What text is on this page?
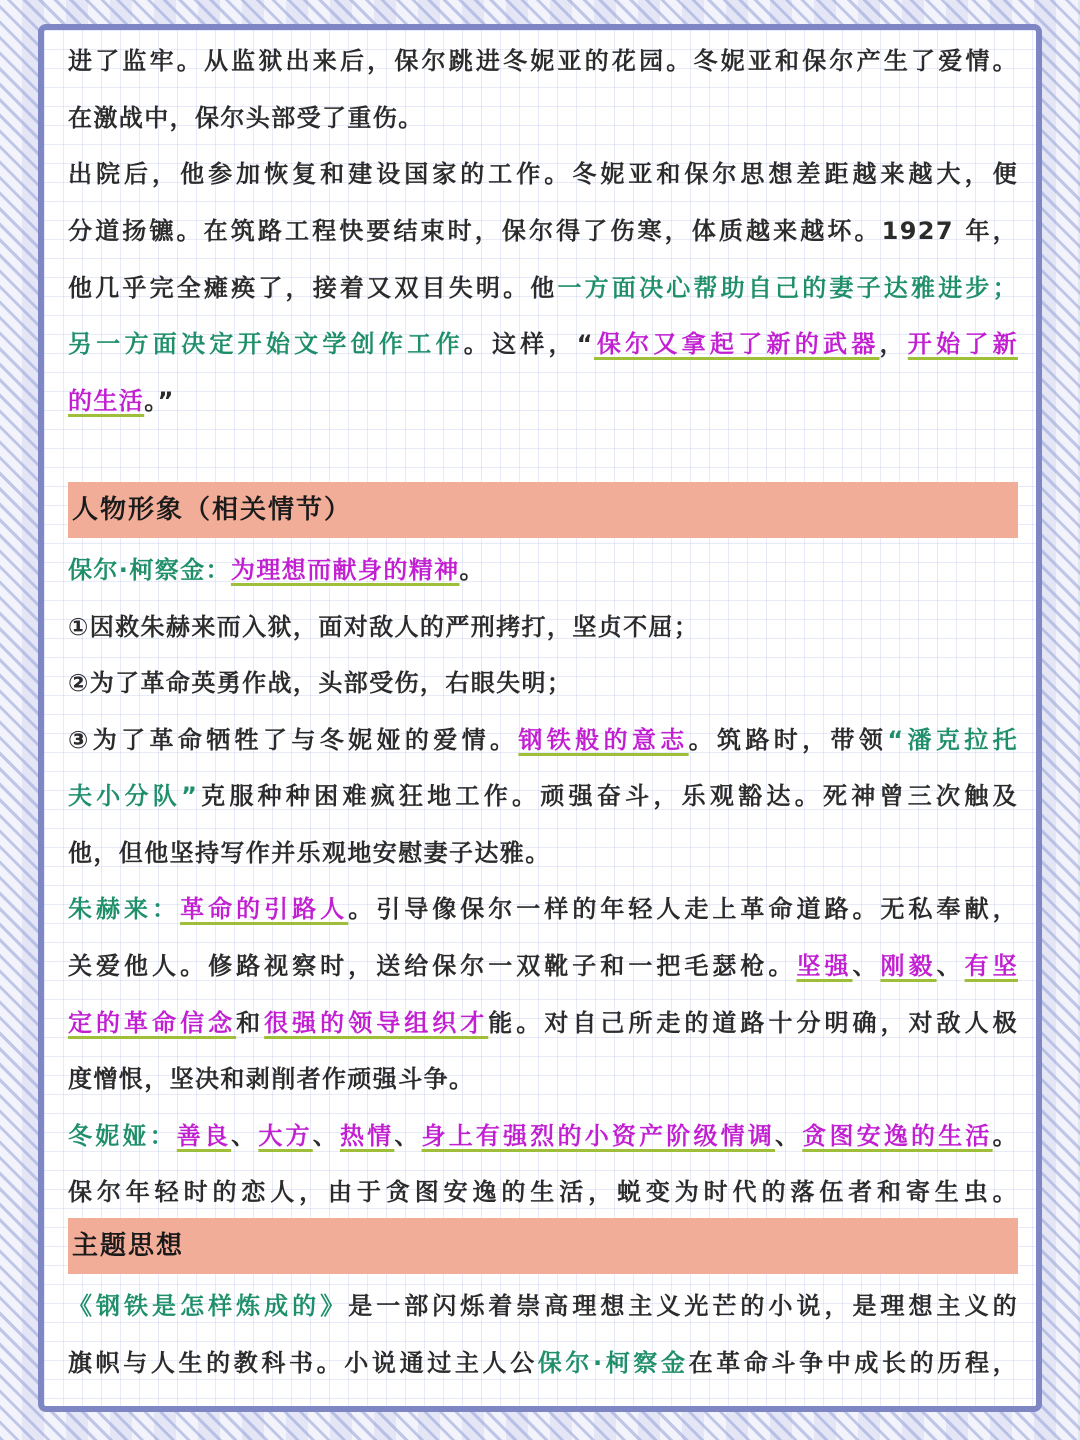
进了监牢。从监狱出来后，保尔跳进冬妮亚的花园。冬妮亚和保尔产生了爱情。
在激战中，保尔头部受了重伤。
出院后，他参加恢复和建设国家的工作。冬妮亚和保尔思想差距越来越大，便
分道扬镳。在筑路工程快要结束时，保尔得了伤寒，体质越来越坏。1927 年，
他几乎完全瘫痪了，接着又双目失明。他一方面决心帮助自己的妻子达雅进步；
另一方面决定开始文学创作工作。这样，“保尔又拿起了新的武器，开始了新
的生活。”
人物形象（相关情节）
保尔·柯察金：为理想而献身的精神。
①因救朱赫来而入狱，面对敌人的严刑拷打，坚贞不屈；
②为了革命英勇作战，头部受伤，右眼失明；
③为了革命牺牲了与冬妮娅的爱情。钢铁般的意志。筑路时，带领“潘克拉托
夫小分队”克服种种困难疯狂地工作。顽强奋斗，乐观豁达。死神曾三次触及
他，但他坚持写作并乐观地安慰妻子达雅。
朱赫来：革命的引路人。引导像保尔一样的年轻人走上革命道路。无私奉献，
关爱他人。修路视察时，送给保尔一双靴子和一把毛瑟枪。坚强、刚毅、有坚
定的革命信念和很强的领导组织才能。对自己所走的道路十分明确，对敌人极
度憎恨，坚决和剥削者作顽强斗争。
冬妮娅：善良、大方、热情、身上有强烈的小资产阶级情调、贪图安逸的生活。
保尔年轻时的恋人，由于贪图安逸的生活，蜕变为时代的落伍者和寄生虫。
主题思想
《钢铁是怎样炼成的》是一部闪烁着崇高理想主义光芒的小说，是理想主义的
旗帜与人生的教科书。小说通过主人公保尔·柯察金在革命斗争中成长的历程，
